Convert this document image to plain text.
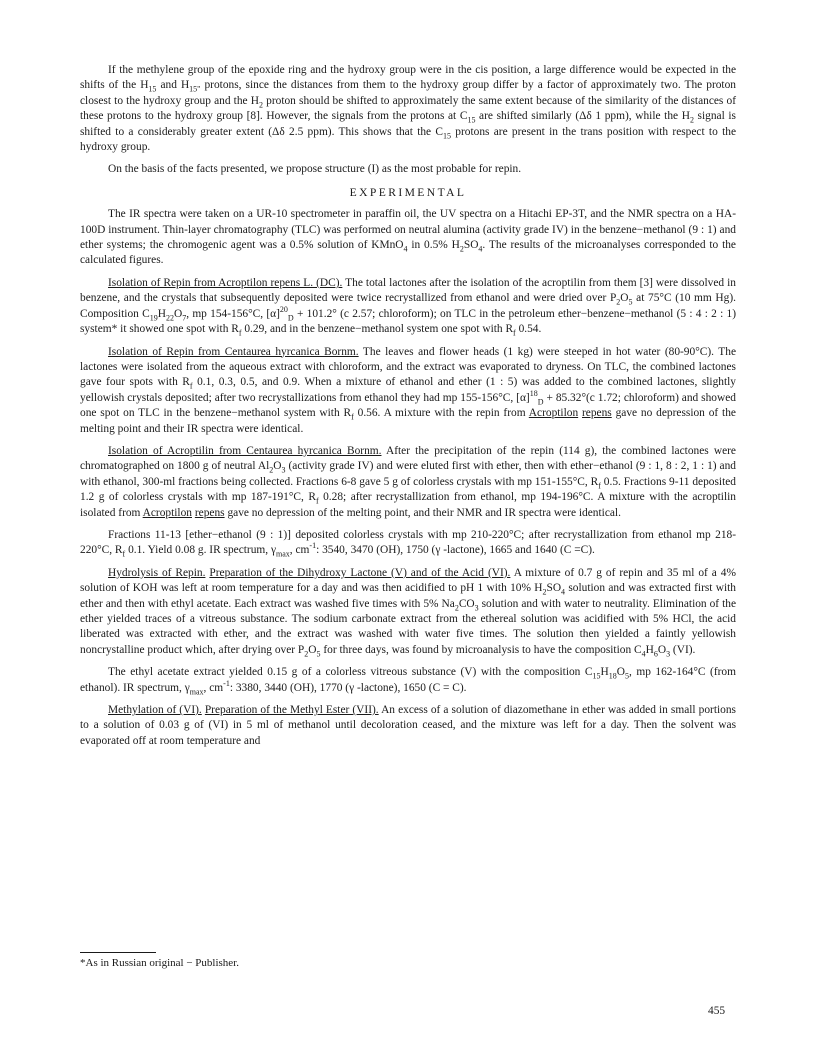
If the methylene group of the epoxide ring and the hydroxy group were in the cis position, a large difference would be expected in the shifts of the $H_{15}$ and $H_{15"}$ protons, since the distances from them to the hydroxy group differ by a factor of approximately two. The proton closest to the hydroxy group and the $H_2$ proton should be shifted to approximately the same extent because of the similarity of the distances of these protons to the hydroxy group [8]. However, the signals from the protons at $C_{15}$ are shifted similarly (Δδ 1 ppm), while the $H_2$ signal is shifted to a considerably greater extent (Δδ 2.5 ppm). This shows that the $C_{15}$ protons are present in the trans position with respect to the hydroxy group.

On the basis of the facts presented, we propose structure (I) as the most probable for repin.

EXPERIMENTAL

The IR spectra were taken on a UR-10 spectrometer in paraffin oil, the UV spectra on a Hitachi EP-3T, and the NMR spectra on a HA-100D instrument. Thin-layer chromatography (TLC) was performed on neutral alumina (activity grade IV) in the benzene−methanol (9 : 1) and ether systems; the chromogenic agent was a 0.5% solution of KMnO$_4$ in 0.5% $H_2SO_4$. The results of the microanalyses corresponded to the calculated figures.

Isolation of Repin from Acroptilon repens L. (DC). The total lactones after the isolation of the acroptilin from them [3] were dissolved in benzene, and the crystals that subsequently deposited were twice recrystallized from ethanol and were dried over $P_2O_5$ at 75°C (10 mm Hg). Composition $C_{19}H_{22}O_7$, mp 154-156°C, $[\alpha]^{20}_D + 101.2^\circ$ (c 2.57; chloroform); on TLC in the petroleum ether−benzene−methanol (5 : 4 : 2 : 1) system* it showed one spot with $R_f$ 0.29, and in the benzene−methanol system one spot with $R_f$ 0.54.

Isolation of Repin from Centaurea hyrcanica Bornm. The leaves and flower heads (1 kg) were steeped in hot water (80-90°C). The lactones were isolated from the aqueous extract with chloroform, and the extract was evaporated to dryness. On TLC, the combined lactones gave four spots with $R_f$ 0.1, 0.3, 0.5, and 0.9. When a mixture of ethanol and ether (1 : 5) was added to the combined lactones, slightly yellowish crystals deposited; after two recrystallizations from ethanol they had mp 155-156°C, $[\alpha]^{18}_D + 85.32^\circ(c$ 1.72; chloroform) and showed one spot on TLC in the benzene−methanol system with $R_f$ 0.56. A mixture with the repin from Acroptilon repens gave no depression of the melting point and their IR spectra were identical.

Isolation of Acroptilin from Centaurea hyrcanica Bornm. After the precipitation of the repin (114 g), the combined lactones were chromatographed on 1800 g of neutral $Al_2O_3$ (activity grade IV) and were eluted first with ether, then with ether−ethanol (9 : 1, 8 : 2, 1 : 1) and with ethanol, 300-ml fractions being collected. Fractions 6-8 gave 5 g of colorless crystals with mp 151-155°C, $R_f$ 0.5. Fractions 9-11 deposited 1.2 g of colorless crystals with mp 187-191°C, $R_f$ 0.28; after recrystallization from ethanol, mp 194-196°C. A mixture with the acroptilin isolated from Acroptilon repens gave no depression of the melting point, and their NMR and IR spectra were identical.

Fractions 11-13 [ether−ethanol (9 : 1)] deposited colorless crystals with mp 210-220°C; after recrystallization from ethanol mp 218-220°C, $R_f$ 0.1. Yield 0.08 g. IR spectrum, $\gamma_{max}$, $cm^{-1}$: 3540, 3470 (OH), 1750 (γ -lactone), 1665 and 1640 (C =C).

Hydrolysis of Repin. Preparation of the Dihydroxy Lactone (V) and of the Acid (VI). A mixture of 0.7 g of repin and 35 ml of a 4% solution of KOH was left at room temperature for a day and was then acidified to pH 1 with 10% $H_2SO_4$ solution and was extracted first with ether and then with ethyl acetate. Each extract was washed five times with 5% $Na_2CO_3$ solution and with water to neutrality. Elimination of the ether yielded traces of a vitreous substance. The sodium carbonate extract from the ethereal solution was acidified with 5% HCl, the acid liberated was extracted with ether, and the extract was washed with water five times. The solution then yielded a faintly yellowish noncrystalline product which, after drying over $P_2O_5$ for three days, was found by microanalysis to have the composition $C_4H_6O_3$ (VI).

The ethyl acetate extract yielded 0.15 g of a colorless vitreous substance (V) with the composition $C_{15}H_{18}O_5$, mp 162-164°C (from ethanol). IR spectrum, $\gamma_{max}$, $cm^{-1}$: 3380, 3440 (OH), 1770 (γ -lactone), 1650 (C = C).

Methylation of (VI). Preparation of the Methyl Ester (VII). An excess of a solution of diazomethane in ether was added in small portions to a solution of 0.03 g of (VI) in 5 ml of methanol until decoloration ceased, and the mixture was left for a day. Then the solvent was evaporated off at room temperature and

*As in Russian original − Publisher.

455
